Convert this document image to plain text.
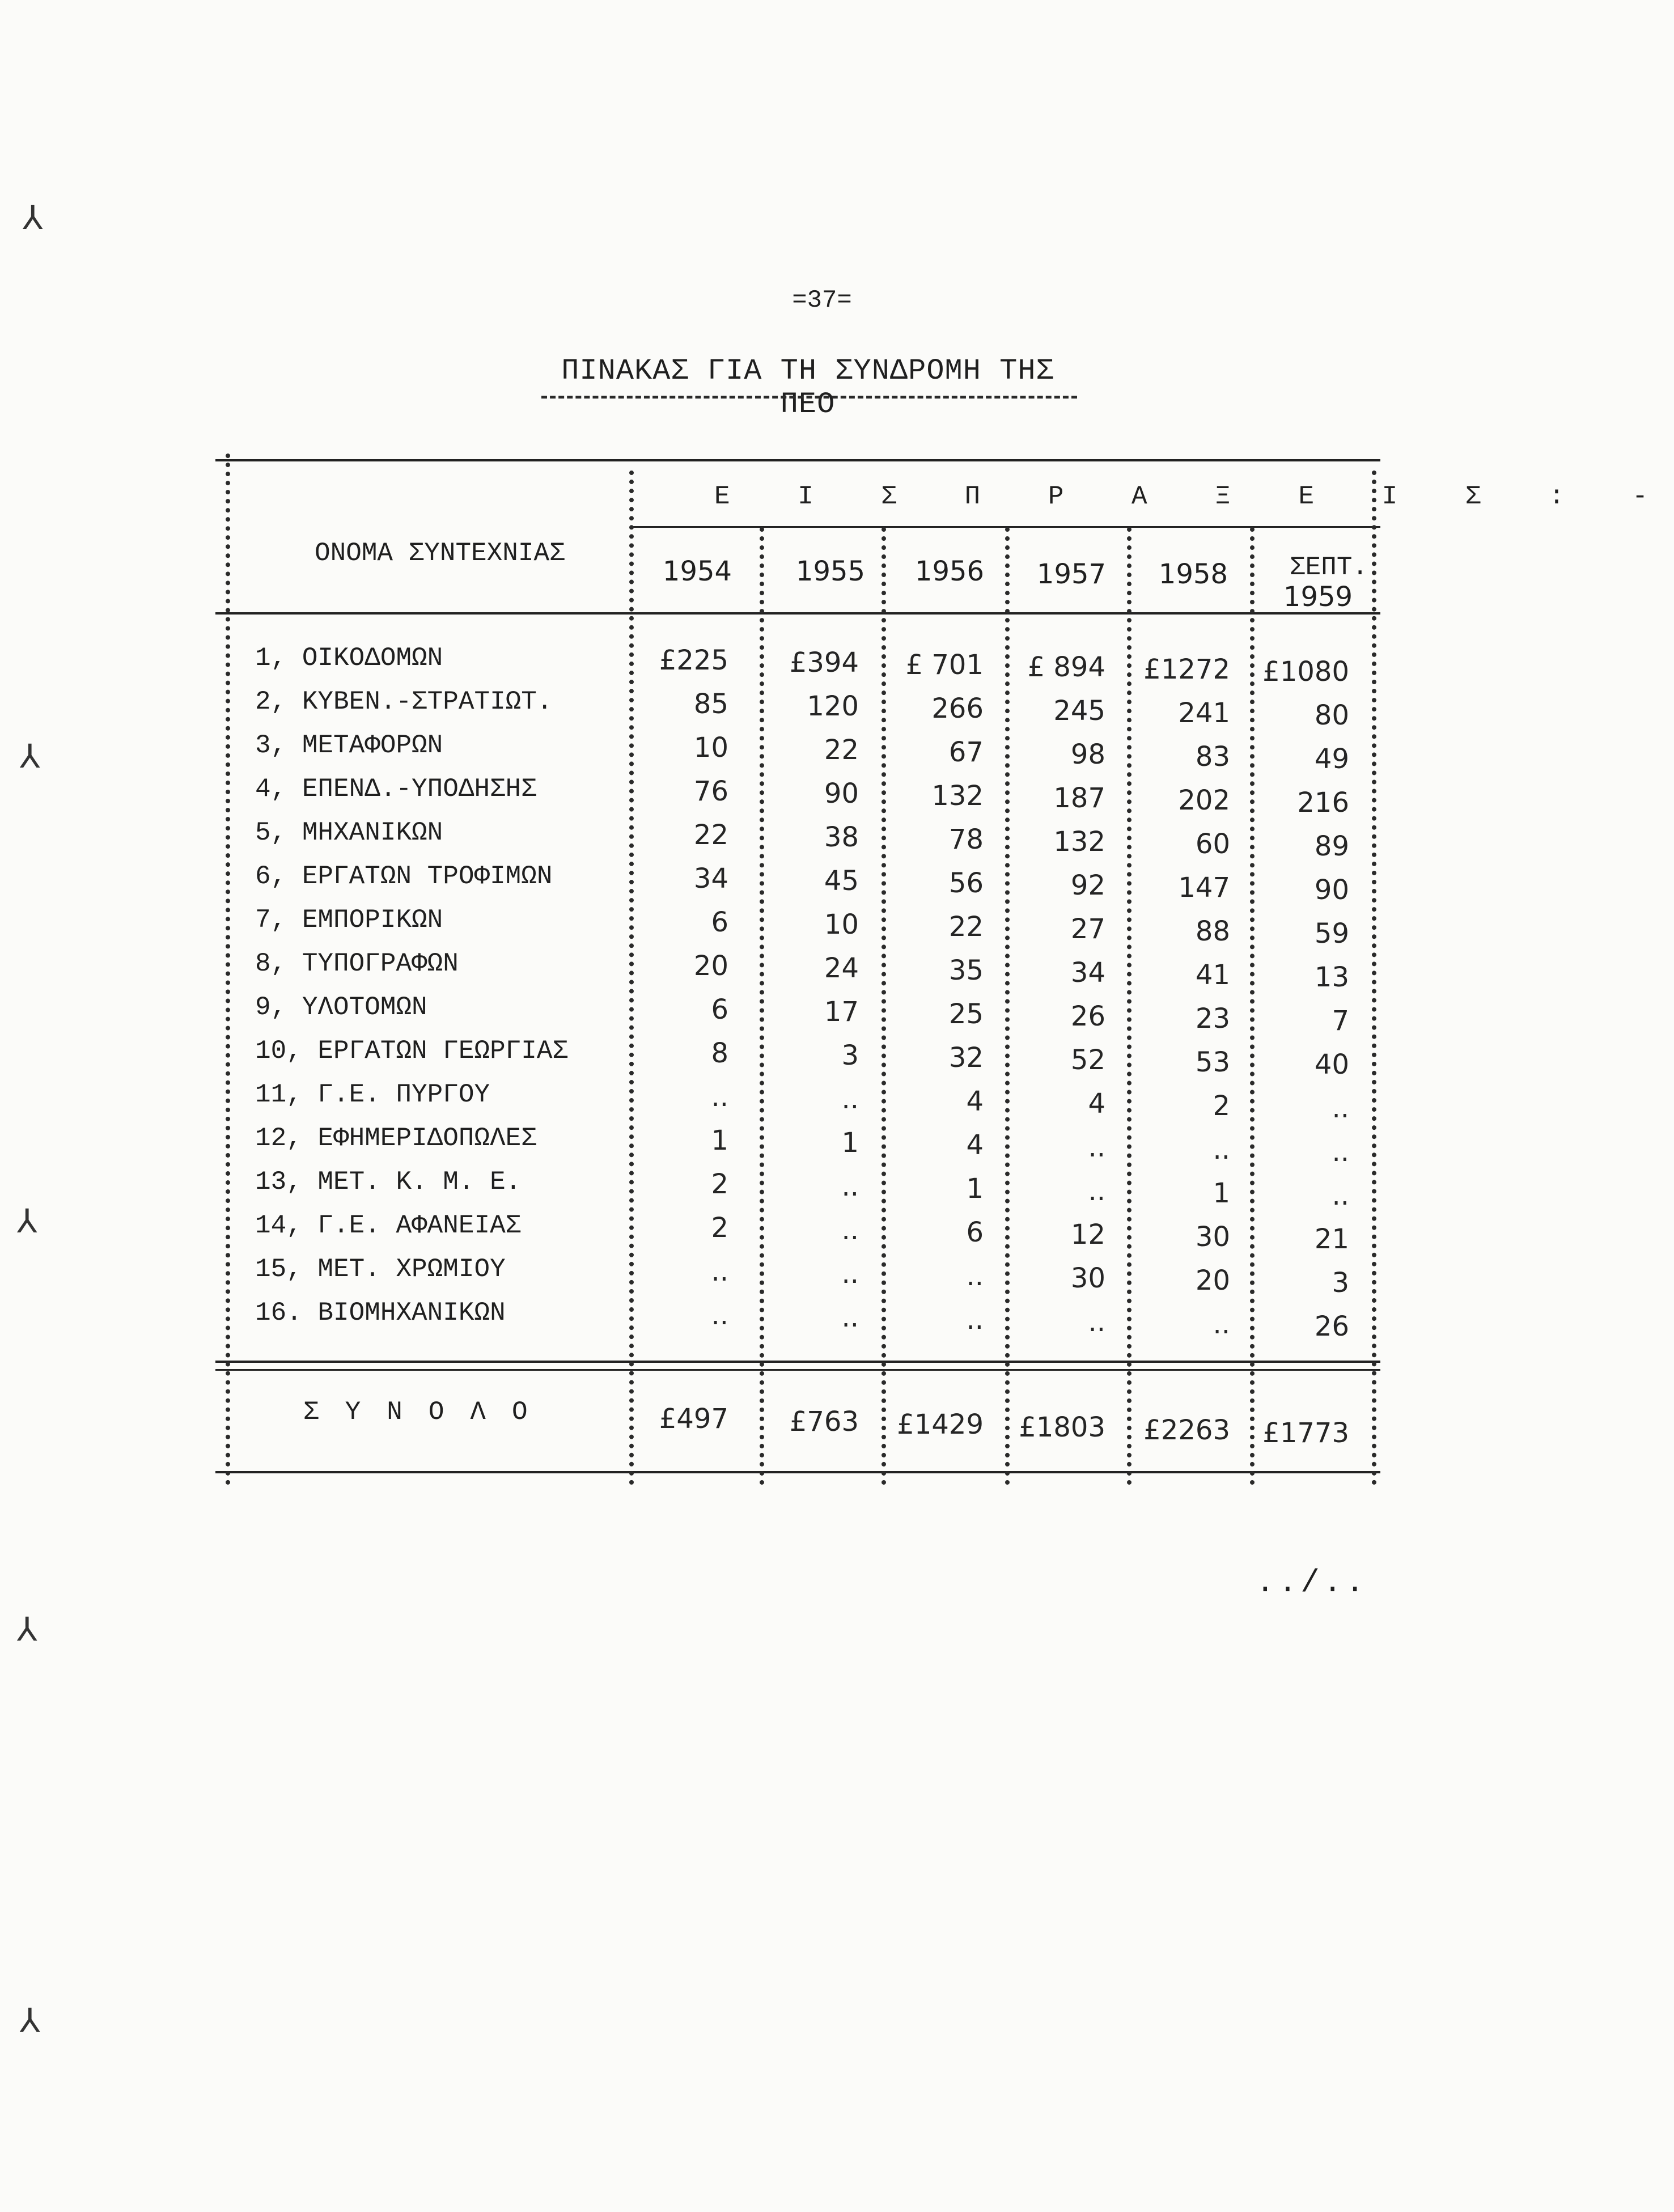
=37=
ΠΙΝΑΚΑΣ ΓΙΑ ΤΗ ΣΥΝΔΡΟΜΗ ΤΗΣ ΠΕΟ
Ε Ι Σ Π Ρ Α Ξ Ε Ι Σ : -
ΟΝΟΜΑ ΣΥΝΤΕΧΝΙΑΣ
1954	1955	1956	1957	1958	ΣΕΠΤ.
1959
1, ΟΙΚΟΔΟΜΩΝ	£225	£394	£ 701	£ 894	£1272	£1080
2, ΚΥΒΕΝ.-ΣΤΡΑΤΙΩΤ.	85	120	266	245	241	80
3, ΜΕΤΑΦΟΡΩΝ	10	22	67	98	83	49
4, ΕΠΕΝΔ.-ΥΠΟΔΗΣΗΣ	76	90	132	187	202	216
5, ΜΗΧΑΝΙΚΩΝ	22	38	78	132	60	89
6, ΕΡΓΑΤΩΝ ΤΡΟΦΙΜΩΝ	34	45	56	92	147	90
7, ΕΜΠΟΡΙΚΩΝ	6	10	22	27	88	59
8, ΤΥΠΟΓΡΑΦΩΝ	20	24	35	34	41	13
9, ΥΛΟΤΟΜΩΝ	6	17	25	26	23	7
10, ΕΡΓΑΤΩΝ ΓΕΩΡΓΙΑΣ	8	3	32	52	53	40
11, Γ.Ε. ΠΥΡΓΟΥ	..	..	4	4	2	..
12, ΕΦΗΜΕΡΙΔΟΠΩΛΕΣ	1	1	4	..	..	..
13, ΜΕΤ. Κ. Μ. Ε.	2	..	1	..	1	..
14, Γ.Ε. ΑΦΑΝΕΙΑΣ	2	..	6	12	30	21
15, ΜΕΤ. ΧΡΩΜΙΟΥ	..	..	..	30	20	3
16. ΒΙΟΜΗΧΑΝΙΚΩΝ	..	..	..	..	..	26
ΣΥΝΟΛΟ	£497	£763	£1429	£1803	£2263	£1773
../..
⅄
⅄
⅄
⅄
⅄
